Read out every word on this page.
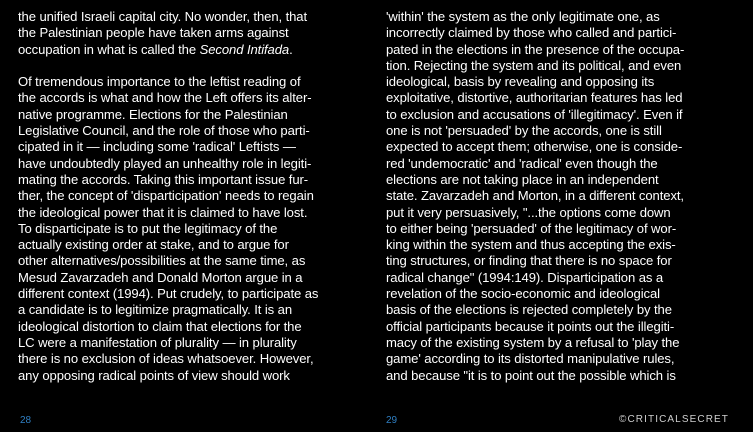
the unified Israeli capital city. No wonder, then, that
the Palestinian people have taken arms against
occupation in what is called the Second Intifada.
Of tremendous importance to the leftist reading of
the accords is what and how the Left offers its alter-
native programme. Elections for the Palestinian
Legislative Council, and the role of those who parti-
cipated in it — including some 'radical' Leftists —
have undoubtedly played an unhealthy role in legiti-
mating the accords. Taking this important issue fur-
ther, the concept of 'disparticipation' needs to regain
the ideological power that it is claimed to have lost.
To disparticipate is to put the legitimacy of the
actually existing order at stake, and to argue for
other alternatives/possibilities at the same time, as
Mesud Zavarzadeh and Donald Morton argue in a
different context (1994). Put crudely, to participate as
a candidate is to legitimize pragmatically. It is an
ideological distortion to claim that elections for the
LC were a manifestation of plurality — in plurality
there is no exclusion of ideas whatsoever. However,
any opposing radical points of view should work
'within' the system as the only legitimate one, as
incorrectly claimed by those who called and partici-
pated in the elections in the presence of the occupa-
tion. Rejecting the system and its political, and even
ideological, basis by revealing and opposing its
exploitative, distortive, authoritarian features has led
to exclusion and accusations of 'illegitimacy'. Even if
one is not 'persuaded' by the accords, one is still
expected to accept them; otherwise, one is conside-
red 'undemocratic' and 'radical' even though the
elections are not taking place in an independent
state. Zavarzadeh and Morton, in a different context,
put it very persuasively, "...the options come down
to either being 'persuaded' of the legitimacy of wor-
king within the system and thus accepting the exis-
ting structures, or finding that there is no space for
radical change" (1994:149). Disparticipation as a
revelation of the socio-economic and ideological
basis of the elections is rejected completely by the
official participants because it points out the illegiti-
macy of the existing system by a refusal to 'play the
game' according to its distorted manipulative rules,
and because "it is to point out the possible which is
28	29	©CRITICALSECRET
